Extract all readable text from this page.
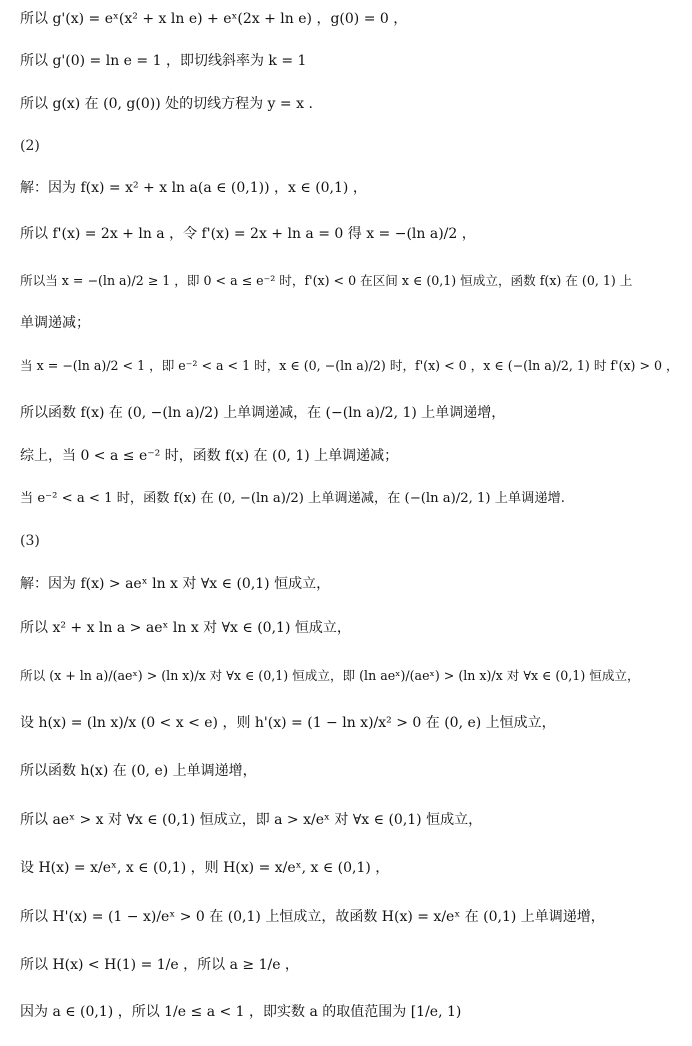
所以 g'(x) = eˣ(x² + x ln e) + eˣ(2x + ln e) ，g(0) = 0 ，
所以 g'(0) = ln e = 1 ，即切线斜率为 k = 1
所以 g(x) 在 (0, g(0)) 处的切线方程为 y = x .
(2)
解：因为 f(x) = x² + x ln a(a ∈ (0,1)) ，x ∈ (0,1) ，
所以 f'(x) = 2x + ln a ，令 f'(x) = 2x + ln a = 0 得 x = −(ln a)/2 ，
所以当 x = −(ln a)/2 ≥ 1 ，即 0 < a ≤ e⁻² 时，f'(x) < 0 在区间 x ∈ (0,1) 恒成立，函数 f(x) 在 (0, 1) 上
单调递减；
当 x = −(ln a)/2 < 1 ，即 e⁻² < a < 1 时，x ∈ (0, −(ln a)/2) 时，f'(x) < 0 ，x ∈ (−(ln a)/2, 1) 时 f'(x) > 0 ，
所以函数 f(x) 在 (0, −(ln a)/2) 上单调递减，在 (−(ln a)/2, 1) 上单调递增，
综上，当 0 < a ≤ e⁻² 时，函数 f(x) 在 (0, 1) 上单调递减；
当 e⁻² < a < 1 时，函数 f(x) 在 (0, −(ln a)/2) 上单调递减，在 (−(ln a)/2, 1) 上单调递增.
(3)
解：因为 f(x) > aeˣ ln x 对 ∀x ∈ (0,1) 恒成立，
所以 x² + x ln a > aeˣ ln x 对 ∀x ∈ (0,1) 恒成立，
所以 (x + ln a)/(aeˣ) > (ln x)/x 对 ∀x ∈ (0,1) 恒成立，即 (ln aeˣ)/(aeˣ) > (ln x)/x 对 ∀x ∈ (0,1) 恒成立，
设 h(x) = (ln x)/x (0 < x < e) ，则 h'(x) = (1 − ln x)/x² > 0 在 (0, e) 上恒成立，
所以函数 h(x) 在 (0, e) 上单调递增，
所以 aeˣ > x 对 ∀x ∈ (0,1) 恒成立，即 a > x/eˣ 对 ∀x ∈ (0,1) 恒成立，
设 H(x) = x/eˣ, x ∈ (0,1) ，则 H(x) = x/eˣ, x ∈ (0,1) ，
所以 H'(x) = (1 − x)/eˣ > 0 在 (0,1) 上恒成立，故函数 H(x) = x/eˣ 在 (0,1) 上单调递增，
所以 H(x) < H(1) = 1/e ，所以 a ≥ 1/e ，
因为 a ∈ (0,1) ，所以 1/e ≤ a < 1 ，即实数 a 的取值范围为 [1/e, 1)
